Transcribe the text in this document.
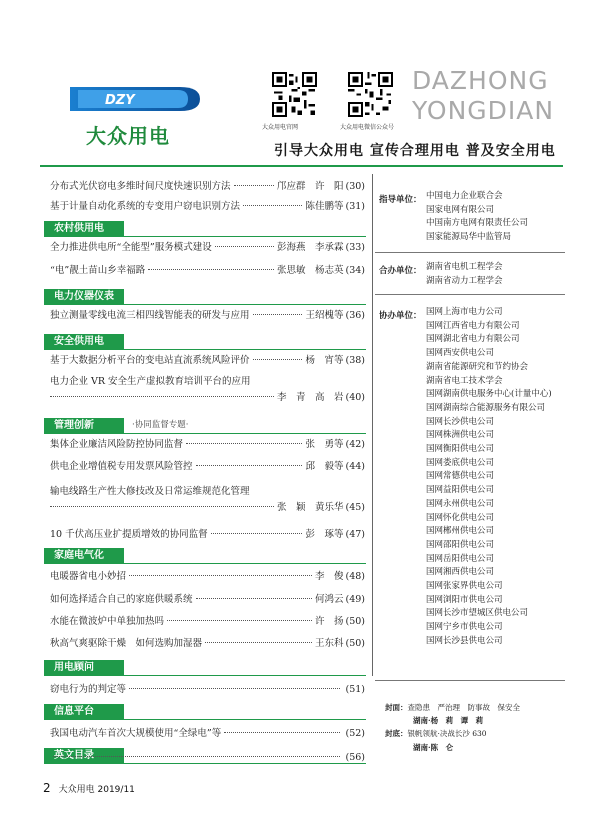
DZY
大众用电	大众用电官网	大众用电微信公众号
DAZHONG
YONGDIAN
引导大众用电 宣传合理用电 普及安全用电
分布式光伏窃电多维时间尺度快速识别方法	邝应群　许　阳 (30)
基于计量自动化系统的专变用户窃电识别方法	陈佳鹏等 (31)
农村供用电
全力推进供电所“全能型”服务模式建设	彭海燕　李承霖 (33)
“电”靓土苗山乡幸福路	张思敏　杨志英 (34)
电力仪器仪表
独立测量零线电流三相四线智能表的研发与应用	王绍槐等 (36)
安全供用电
基于大数据分析平台的变电站直流系统风险评价	杨　宵等 (38)
电力企业 VR 安全生产虚拟教育培训平台的应用
李　青　高　岩 (40)
管理创新	·协同监督专题·
集体企业廉洁风险防控协同监督	张　勇等 (42)
供电企业增值税专用发票风险管控	邱　毅等 (44)
输电线路生产性大修技改及日常运维规范化管理
张　颖　黄乐华 (45)
10 千伏高压业扩提质增效的协同监督	彭　琢等 (47)
家庭电气化
电暖器省电小妙招	李　俊 (48)
如何选择适合自己的家庭供暖系统	何鸿云 (49)
水能在微波炉中单独加热吗	许　扬 (50)
秋高气爽驱除干燥　如何选购加湿器	王东科 (50)
用电顾问
窃电行为的判定等	(51)
信息平台
我国电动汽车首次大规模使用“全绿电”等	(52)
英文目录	(56)
指导单位： 中国电力企业联合会
国家电网有限公司
中国南方电网有限责任公司
国家能源局华中监管局
合办单位： 湖南省电机工程学会
湖南省动力工程学会
协办单位： 国网上海市电力公司
国网江西省电力有限公司
国网湖北省电力有限公司
国网西安供电公司
湖南省能源研究和节约协会
湖南省电工技术学会
国网湖南供电服务中心(计量中心)
国网湖南综合能源服务有限公司
国网长沙供电公司
国网株洲供电公司
国网衡阳供电公司
国网娄底供电公司
国网常德供电公司
国网益阳供电公司
国网永州供电公司
国网怀化供电公司
国网郴州供电公司
国网邵阳供电公司
国网岳阳供电公司
国网湘西供电公司
国网张家界供电公司
国网浏阳市供电公司
国网长沙市望城区供电公司
国网宁乡市供电公司
国网长沙县供电公司
封面：查隐患　严治理　防事故　保安全
湖南·杨　莉　谭　莉
封底：银帆领航·决战长沙 630
湖南·陈　仑
2 大众用电 2019/11
